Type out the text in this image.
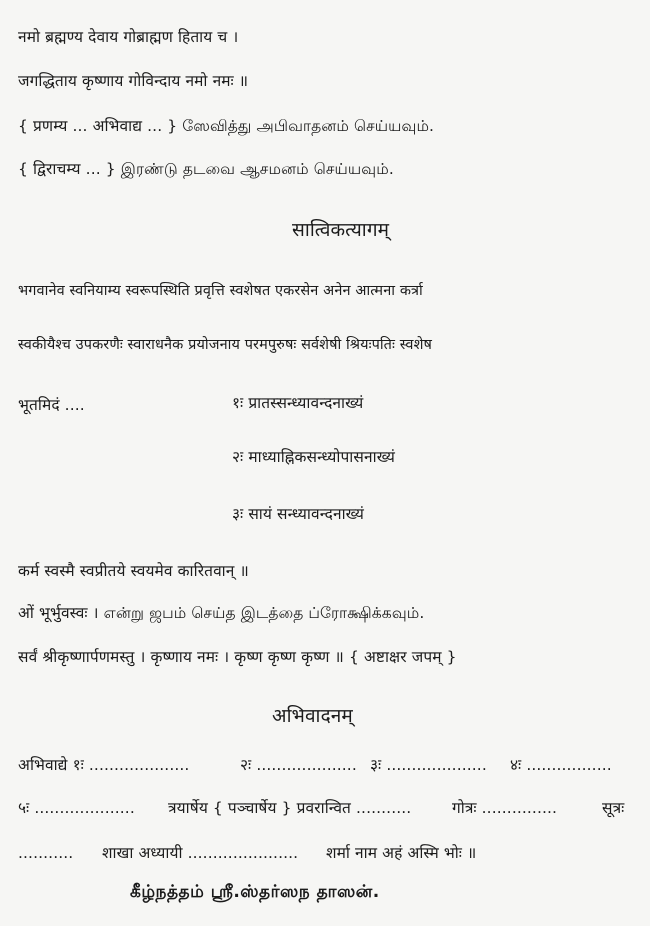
नमो ब्रह्मण्य देवाय गोब्राह्मण हिताय च ।
जगद्धिताय कृष्णाय गोविन्दाय नमो नमः ॥
{ प्रणम्य ... अभिवाद्य ... } ஸேவித்து அபிவாதனம் செய்யவும்.
{ द्विराचम्य ... } இரண்டு தடவை ஆசமனம் செய்யவும்.
सात्विकत्यागम्
भगवानेव स्वनियाम्य स्वरूपस्थिति प्रवृत्ति स्वशेषत एकरसेन अनेन आत्मना कर्त्रा
स्वकीयैश्च उपकरणैः स्वाराधनैक प्रयोजनाय परमपुरुषः सर्वशेषी श्रियःपतिः स्वशेष
भूतमिदं ....	१ः प्रातस्सन्ध्यावन्दनाख्यं
२ः माध्याह्निकसन्ध्योपासनाख्यं
३ः सायं सन्ध्यावन्दनाख्यं
कर्म स्वस्मै स्वप्रीतये स्वयमेव कारितवान् ॥
ओं भूर्भुवस्वः । என்று ஜபம் செய்த இடத்தை ப்ரோக்ஷிக்கவும்.
सर्वं श्रीकृष्णार्पणमस्तु । कृष्णाय नमः । कृष्ण कृष्ण कृष्ण ॥ { अष्टाक्षर जपम् }
अभिवादनम्
अभिवाद्ये १ः ....................	२ः .................... ३ः .................... ४ः .................
५ः .................... त्रयार्षेय { पञ्चार्षेय } प्रवरान्वित ...........	गोत्रः ...............	सूत्रः
........... शाखा अध्यायी ...................... शर्मा नाम अहं अस्मि भोः ॥
கீழ்நத்தம் ஸ்ரீ.ஸ்தர்ஸந தாஸன்.
